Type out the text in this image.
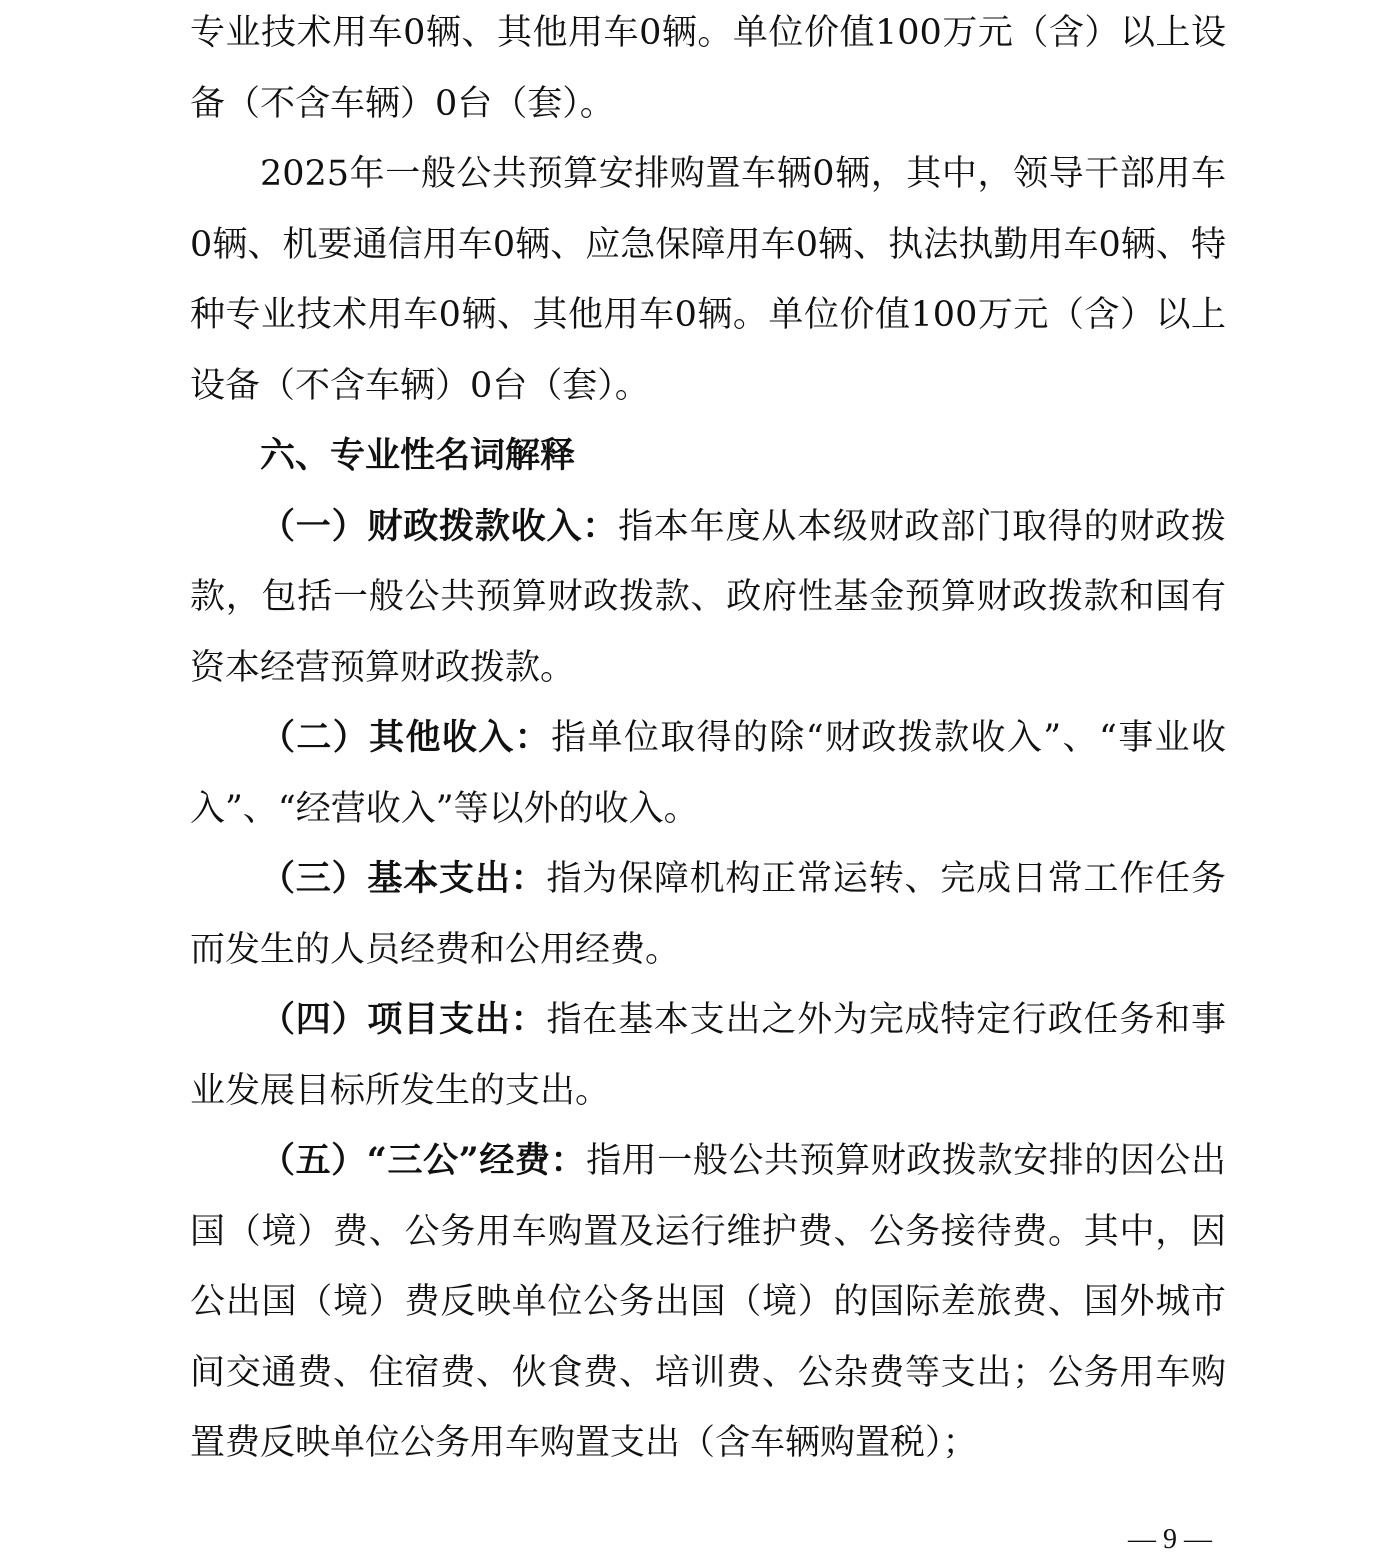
专业技术用车0辆、其他用车0辆。单位价值100万元（含）以上设备（不含车辆）0台（套）。

2025年一般公共预算安排购置车辆0辆，其中，领导干部用车0辆、机要通信用车0辆、应急保障用车0辆、执法执勤用车0辆、特种专业技术用车0辆、其他用车0辆。单位价值100万元（含）以上设备（不含车辆）0台（套）。

六、专业性名词解释

（一）财政拨款收入：指本年度从本级财政部门取得的财政拨款，包括一般公共预算财政拨款、政府性基金预算财政拨款和国有资本经营预算财政拨款。

（二）其他收入：指单位取得的除“财政拨款收入”、“事业收入”、“经营收入”等以外的收入。

（三）基本支出：指为保障机构正常运转、完成日常工作任务而发生的人员经费和公用经费。

（四）项目支出：指在基本支出之外为完成特定行政任务和事业发展目标所发生的支出。

（五）“三公”经费：指用一般公共预算财政拨款安排的因公出国（境）费、公务用车购置及运行维护费、公务接待费。其中，因公出国（境）费反映单位公务出国（境）的国际差旅费、国外城市间交通费、住宿费、伙食费、培训费、公杂费等支出；公务用车购置费反映单位公务用车购置支出（含车辆购置税）；

— 9 —
